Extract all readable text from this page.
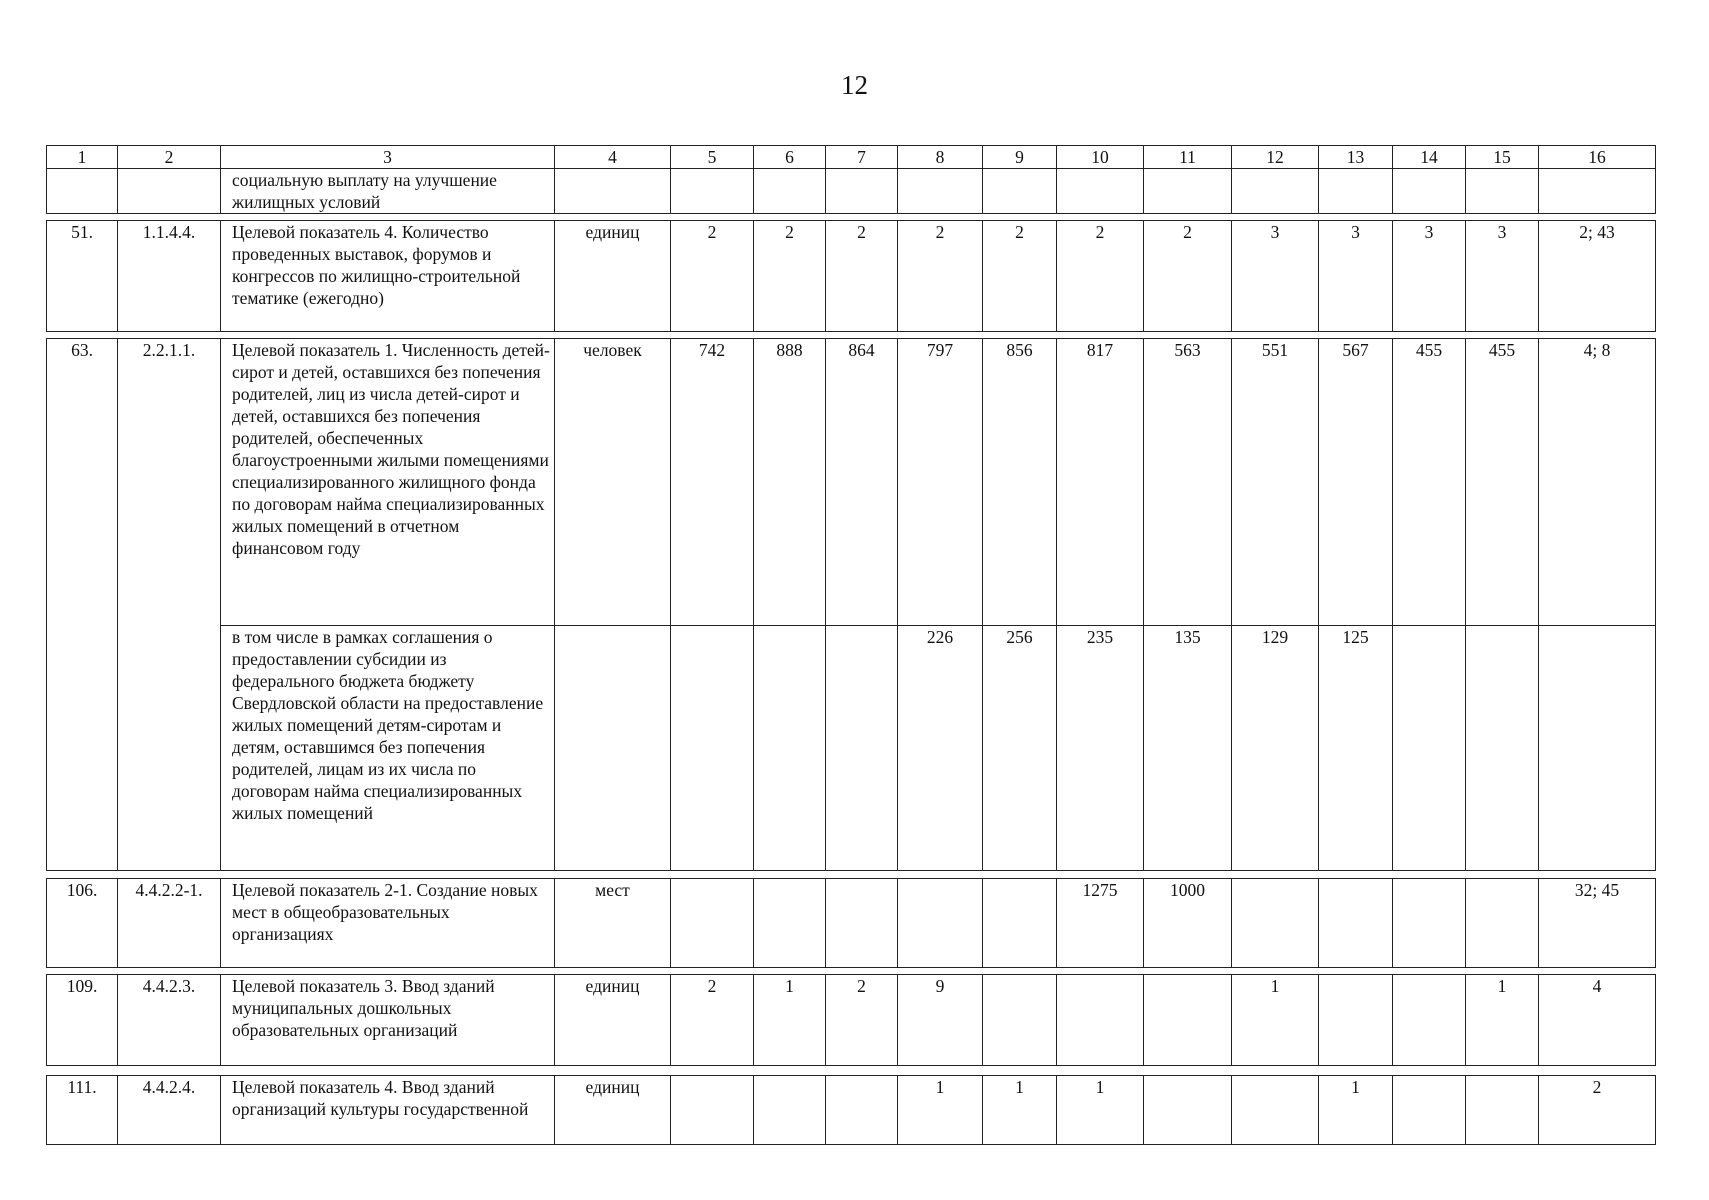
12
1	2	3	4	5	6	7	8	9	10	11	12	13	14	15	16
		социальную выплату на улучшение жилищных условий													
51.	1.1.4.4.	Целевой показатель 4. Количество проведенных выставок, форумов и конгрессов по жилищно-строительной тематике (ежегодно)	единиц	2	2	2	2	2	2	2	3	3	3	3	2; 43
63.	2.2.1.1.	Целевой показатель 1. Численность детей-сирот и детей, оставшихся без попечения родителей, лиц из числа детей-сирот и детей, оставшихся без попечения родителей, обеспеченных благоустроенными жилыми помещениями специализированного жилищного фонда по договорам найма специализированных жилых помещений в отчетном финансовом году	человек	742	888	864	797	856	817	563	551	567	455	455	4; 8
		в том числе в рамках соглашения о предоставлении субсидии из федерального бюджета бюджету Свердловской области на предоставление жилых помещений детям-сиротам и детям, оставшимся без попечения родителей, лицам из их числа по договорам найма специализированных жилых помещений					226	256	235	135	129	125			
106.	4.4.2.2-1.	Целевой показатель 2-1. Создание новых мест в общеобразовательных организациях	мест						1275	1000					32; 45
109.	4.4.2.3.	Целевой показатель 3. Ввод зданий муниципальных дошкольных образовательных организаций	единиц	2	1	2	9				1			1	4
111.	4.4.2.4.	Целевой показатель 4. Ввод зданий организаций культуры государственной	единиц				1	1	1			1			2
